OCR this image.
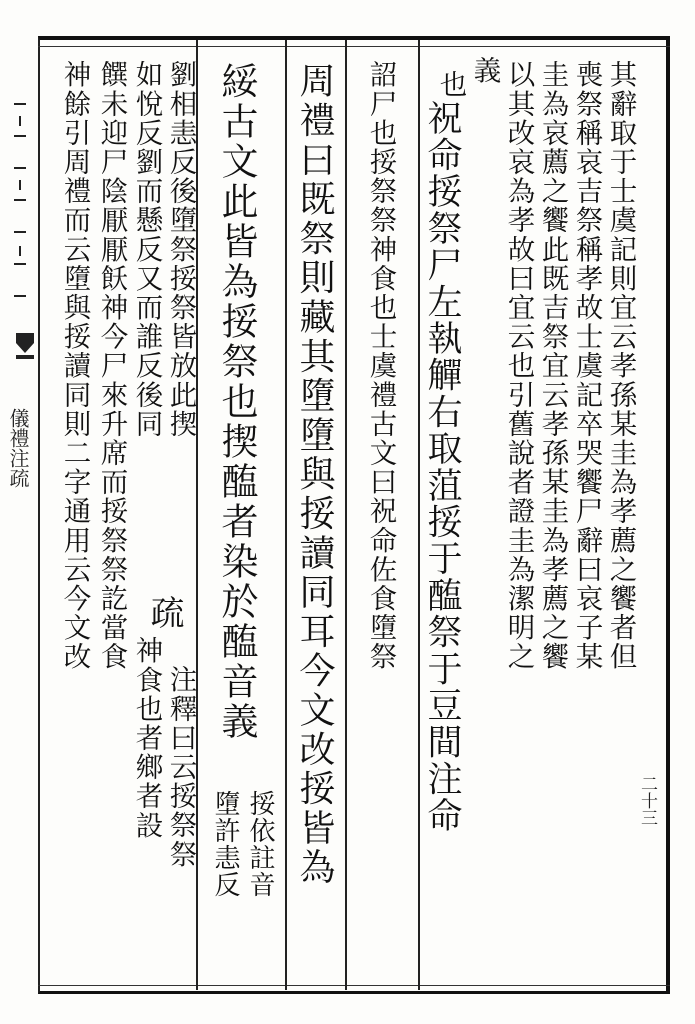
儀禮注疏
二十三
其辭取于士虞記則宜云孝孫某圭為孝薦之饗者但
喪祭稱哀吉祭稱孝故士虞記卒哭饗尸辭曰哀子某
圭為哀薦之饗此既吉祭宜云孝孫某圭為孝薦之饗
以其改哀為孝故曰宜云也引舊說者證圭為潔明之
義
也
祝命挼祭尸左執觶右取菹挼于醢祭于豆間注命
詔尸也挼祭祭神食也士虞禮古文曰祝命佐食墮祭
周禮曰既祭則藏其墮墮與挼讀同耳今文改挼皆為
綏古文此皆為挼祭也揳醢者染於醢音義
挼依註音
墮許恚反
劉相恚反後墮祭挼祭皆放此揳
疏
注釋曰云挼祭祭
如悅反劉而懸反又而誰反後同
神食也者鄉者設
饌未迎尸陰厭厭飫神今尸來升席而挼祭祭訖當食
神餘引周禮而云墮與挼讀同則二字通用云今文改
